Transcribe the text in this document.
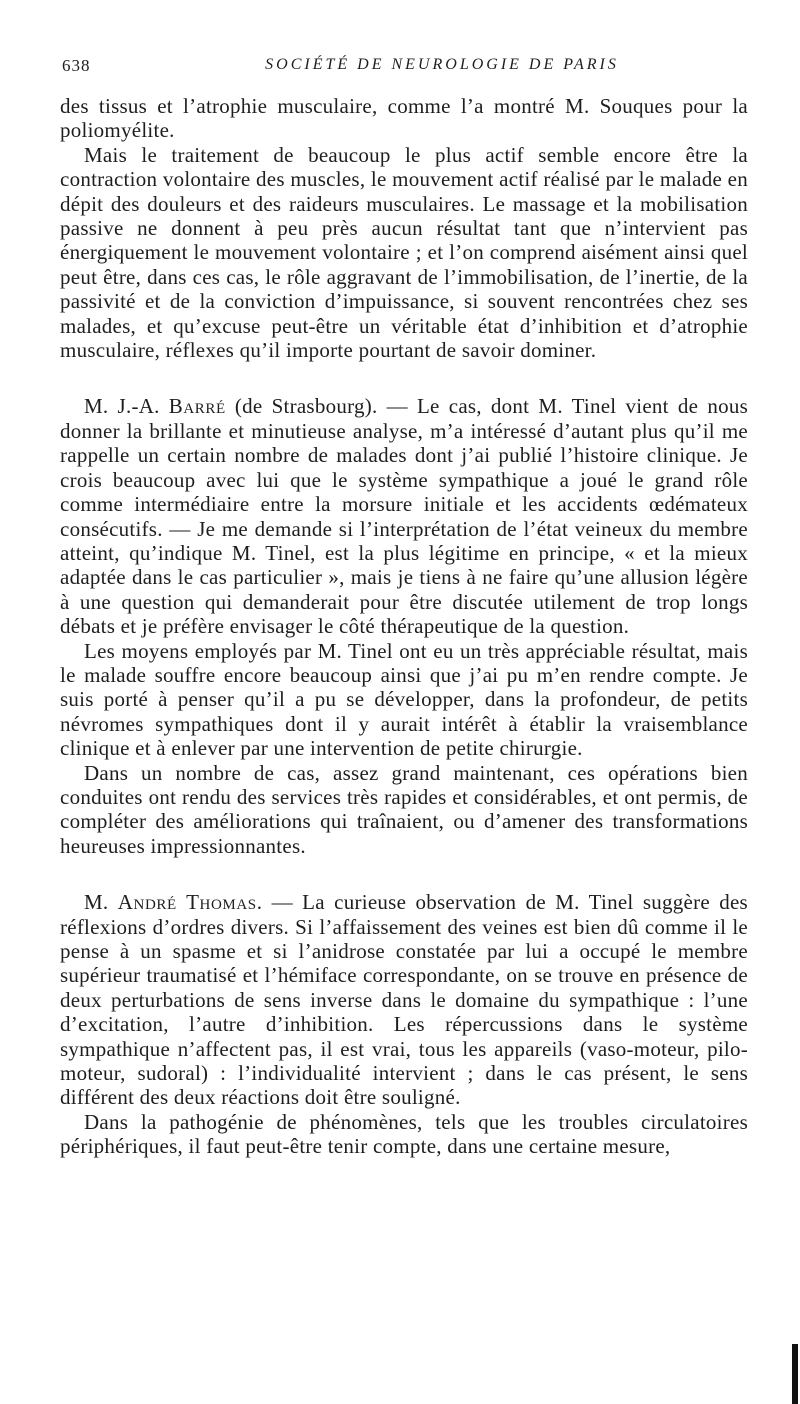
638	SOCIÉTÉ DE NEUROLOGIE DE PARIS

des tissus et l’atrophie musculaire, comme l’a montré M. Souques pour la poliomyélite.

Mais le traitement de beaucoup le plus actif semble encore être la contraction volontaire des muscles, le mouvement actif réalisé par le malade en dépit des douleurs et des raideurs musculaires. Le massage et la mobilisation passive ne donnent à peu près aucun résultat tant que n’intervient pas énergiquement le mouvement volontaire ; et l’on comprend aisément ainsi quel peut être, dans ces cas, le rôle aggravant de l’immobilisation, de l’inertie, de la passivité et de la conviction d’impuissance, si souvent rencontrées chez ses malades, et qu’excuse peut-être un véritable état d’inhibition et d’atrophie musculaire, réflexes qu’il importe pourtant de savoir dominer.

M. J.-A. Barré (de Strasbourg). — Le cas, dont M. Tinel vient de nous donner la brillante et minutieuse analyse, m’a intéressé d’autant plus qu’il me rappelle un certain nombre de malades dont j’ai publié l’histoire clinique. Je crois beaucoup avec lui que le système sympathique a joué le grand rôle comme intermédiaire entre la morsure initiale et les accidents œdémateux consécutifs. — Je me demande si l’interprétation de l’état veineux du membre atteint, qu’indique M. Tinel, est la plus légitime en principe, « et la mieux adaptée dans le cas particulier », mais je tiens à ne faire qu’une allusion légère à une question qui demanderait pour être discutée utilement de trop longs débats et je préfère envisager le côté thérapeutique de la question.

Les moyens employés par M. Tinel ont eu un très appréciable résultat, mais le malade souffre encore beaucoup ainsi que j’ai pu m’en rendre compte. Je suis porté à penser qu’il a pu se développer, dans la profondeur, de petits névromes sympathiques dont il y aurait intérêt à établir la vraisemblance clinique et à enlever par une intervention de petite chirurgie.

Dans un nombre de cas, assez grand maintenant, ces opérations bien conduites ont rendu des services très rapides et considérables, et ont permis, de compléter des améliorations qui traînaient, ou d’amener des transformations heureuses impressionnantes.

M. André Thomas. — La curieuse observation de M. Tinel suggère des réflexions d’ordres divers. Si l’affaissement des veines est bien dû comme il le pense à un spasme et si l’anidrose constatée par lui a occupé le membre supérieur traumatisé et l’hémiface correspondante, on se trouve en présence de deux perturbations de sens inverse dans le domaine du sympathique : l’une d’excitation, l’autre d’inhibition. Les répercussions dans le système sympathique n’affectent pas, il est vrai, tous les appareils (vaso-moteur, pilo-moteur, sudoral) : l’individualité intervient ; dans le cas présent, le sens différent des deux réactions doit être souligné.

Dans la pathogénie de phénomènes, tels que les troubles circulatoires périphériques, il faut peut-être tenir compte, dans une certaine mesure,
